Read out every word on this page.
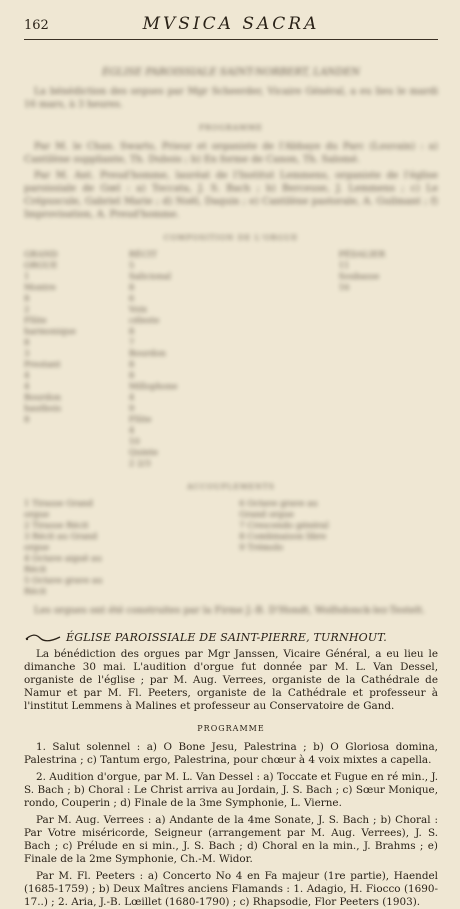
162	MVSICA SACRA
ÉGLISE PAROISSIALE SAINT-NORBERT, LANDEN

La bénédiction des orgues par Mgr Scheerder, Vicaire Général, a eu lieu le mardi 16 mars, à 3 heures.

PROGRAMME

Par M. le Chan. Swarts, Prieur et organiste de l'Abbaye du Parc (Louvain) : a) Cantilène suppliante, Th. Dubois ; b) En forme de Canon, Th. Salomé.

Par M. Ant. Preud'homme, lauréat de l'Institut Lemmens, organiste de l'église paroissiale de Gœl : a) Toccata, J. S. Bach ; b) Berceuse, J. Lemmens ; c) Le Crépuscule, Gabriel Marie ; d) Noël, Daquin ; e) Cantilène pastorale, A. Guilmant ; f) Improvisation, A. Preud'homme.

COMPOSITION DE L'ORGUE
GRAND ORGUE
1 Montre 8
2 Flûte harmonique 8
3 Prestant 4
4 Bourdon hautbois 8
RÉCIT
5 Salicional 8
6 Voix céleste 8
7 Bourdon 8
8 Millophone 4
9 Flûte 4
10 Quinte 2 2/3
PÉDALIER
11 Soubasse 16
ACCOUPLEMENTS
1 Tirasse Grand orgue
2 Tirasse Récit
3 Récit au Grand orgue
4 Octave aiguë au Récit
5 Octave grave au Récit
6 Octave grave au Grand orgue
7 Crescendo général
8 Combinaison libre
9 Trémolo

Les orgues ont été construites par la Firme J.-B. D'Hondt, Wolfsdonck-lez-Testelt.

ÉGLISE PAROISSIALE DE SAINT-PIERRE, TURNHOUT.

La bénédiction des orgues par Mgr Janssen, Vicaire Général, a eu lieu le dimanche 30 mai. L'audition d'orgue fut donnée par M. L. Van Dessel, organiste de l'église ; par M. Aug. Verrees, organiste de la Cathédrale de Namur et par M. Fl. Peeters, organiste de la Cathédrale et professeur à l'institut Lemmens à Malines et professeur au Conservatoire de Gand.

PROGRAMME

1. Salut solennel : a) O Bone Jesu, Palestrina ; b) O Gloriosa domina, Palestrina ; c) Tantum ergo, Palestrina, pour chœur à 4 voix mixtes a capella.

2. Audition d'orgue, par M. L. Van Dessel : a) Toccate et Fugue en ré min., J. S. Bach ; b) Choral : Le Christ arriva au Jordain, J. S. Bach ; c) Sœur Monique, rondo, Couperin ; d) Finale de la 3me Symphonie, L. Vierne.

Par M. Aug. Verrees : a) Andante de la 4me Sonate, J. S. Bach ; b) Choral : Par Votre miséricorde, Seigneur (arrangement par M. Aug. Verrees), J. S. Bach ; c) Prélude en si min., J. S. Bach ; d) Choral en la min., J. Brahms ; e) Finale de la 2me Symphonie, Ch.-M. Widor.

Par M. Fl. Peeters : a) Concerto No 4 en Fa majeur (1re partie), Haendel (1685-1759) ; b) Deux Maîtres anciens Flamands : 1. Adagio, H. Fiocco (1690-17..) ; 2. Aria, J.-B. Lœillet (1680-1790) ; c) Rhapsodie, Flor Peeters (1903).
